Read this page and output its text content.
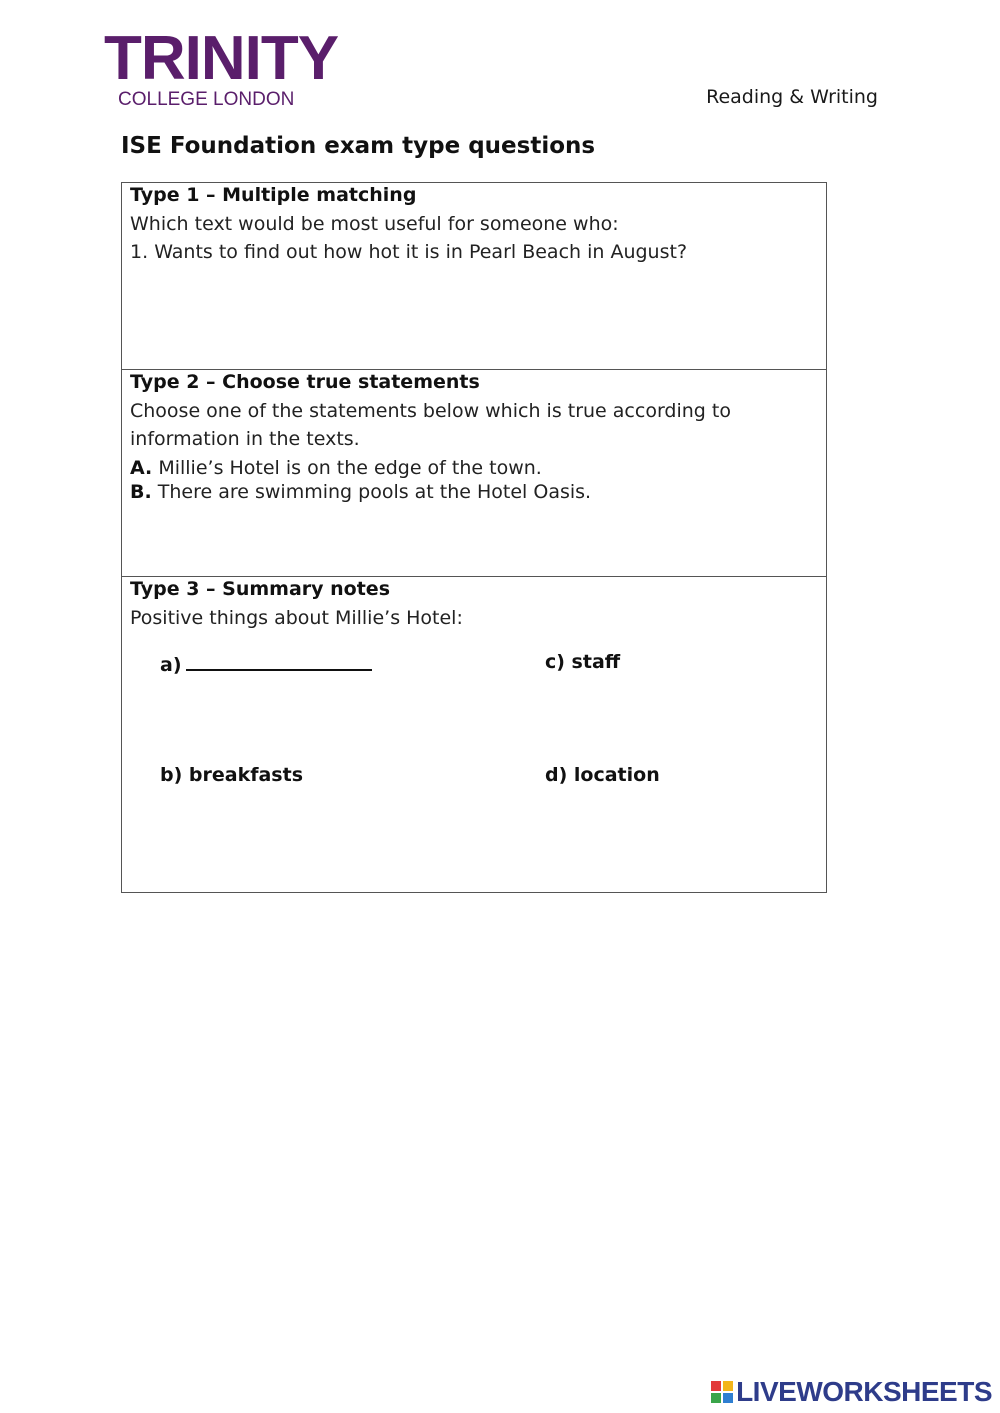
TRINITY
COLLEGE LONDON	Reading & Writing
ISE Foundation exam type questions
Type 1 – Multiple matching
Which text would be most useful for someone who:
1. Wants to find out how hot it is in Pearl Beach in August?
Type 2 – Choose true statements
Choose one of the statements below which is true according to
information in the texts.
A. Millie’s Hotel is on the edge of the town.
B. There are swimming pools at the Hotel Oasis.
Type 3 – Summary notes
Positive things about Millie’s Hotel:
a)	c) staff
b) breakfasts	d) location
LIVEWORKSHEETS
